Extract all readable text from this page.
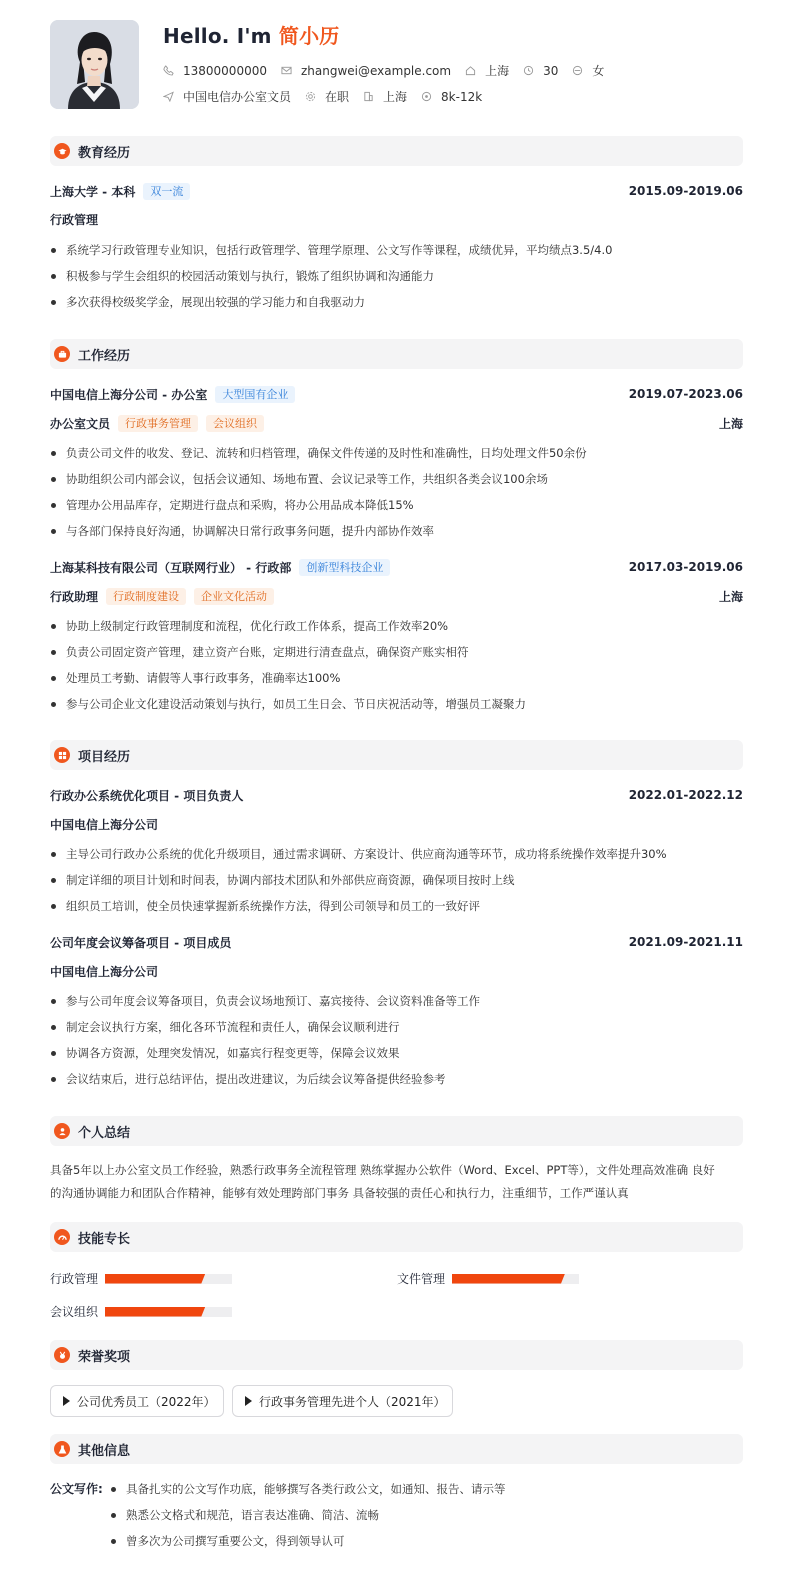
Hello. I'm 简小历
13800000000	zhangwei@example.com	上海	30	女
中国电信办公室文员	在职	上海	8k-12k
教育经历
上海大学 - 本科	双一流	2015.09-2019.06
行政管理
系统学习行政管理专业知识，包括行政管理学、管理学原理、公文写作等课程，成绩优异，平均绩点3.5/4.0
积极参与学生会组织的校园活动策划与执行，锻炼了组织协调和沟通能力
多次获得校级奖学金，展现出较强的学习能力和自我驱动力
工作经历
中国电信上海分公司 - 办公室	大型国有企业	2019.07-2023.06
办公室文员	行政事务管理	会议组织	上海
负责公司文件的收发、登记、流转和归档管理，确保文件传递的及时性和准确性，日均处理文件50余份
协助组织公司内部会议，包括会议通知、场地布置、会议记录等工作，共组织各类会议100余场
管理办公用品库存，定期进行盘点和采购，将办公用品成本降低15%
与各部门保持良好沟通，协调解决日常行政事务问题，提升内部协作效率
上海某科技有限公司（互联网行业） - 行政部	创新型科技企业	2017.03-2019.06
行政助理	行政制度建设	企业文化活动	上海
协助上级制定行政管理制度和流程，优化行政工作体系，提高工作效率20%
负责公司固定资产管理，建立资产台账，定期进行清查盘点，确保资产账实相符
处理员工考勤、请假等人事行政事务，准确率达100%
参与公司企业文化建设活动策划与执行，如员工生日会、节日庆祝活动等，增强员工凝聚力
项目经历
行政办公系统优化项目 - 项目负责人	2022.01-2022.12
中国电信上海分公司
主导公司行政办公系统的优化升级项目，通过需求调研、方案设计、供应商沟通等环节，成功将系统操作效率提升30%
制定详细的项目计划和时间表，协调内部技术团队和外部供应商资源，确保项目按时上线
组织员工培训，使全员快速掌握新系统操作方法，得到公司领导和员工的一致好评
公司年度会议筹备项目 - 项目成员	2021.09-2021.11
中国电信上海分公司
参与公司年度会议筹备项目，负责会议场地预订、嘉宾接待、会议资料准备等工作
制定会议执行方案，细化各环节流程和责任人，确保会议顺利进行
协调各方资源，处理突发情况，如嘉宾行程变更等，保障会议效果
会议结束后，进行总结评估，提出改进建议，为后续会议筹备提供经验参考
个人总结
具备5年以上办公室文员工作经验，熟悉行政事务全流程管理 熟练掌握办公软件（Word、Excel、PPT等），文件处理高效准确 良好
的沟通协调能力和团队合作精神，能够有效处理跨部门事务 具备较强的责任心和执行力，注重细节，工作严谨认真
技能专长
行政管理	文件管理
会议组织
荣誉奖项
公司优秀员工（2022年）	行政事务管理先进个人（2021年）
其他信息
公文写作:	具备扎实的公文写作功底，能够撰写各类行政公文，如通知、报告、请示等
熟悉公文格式和规范，语言表达准确、简洁、流畅
曾多次为公司撰写重要公文，得到领导认可
